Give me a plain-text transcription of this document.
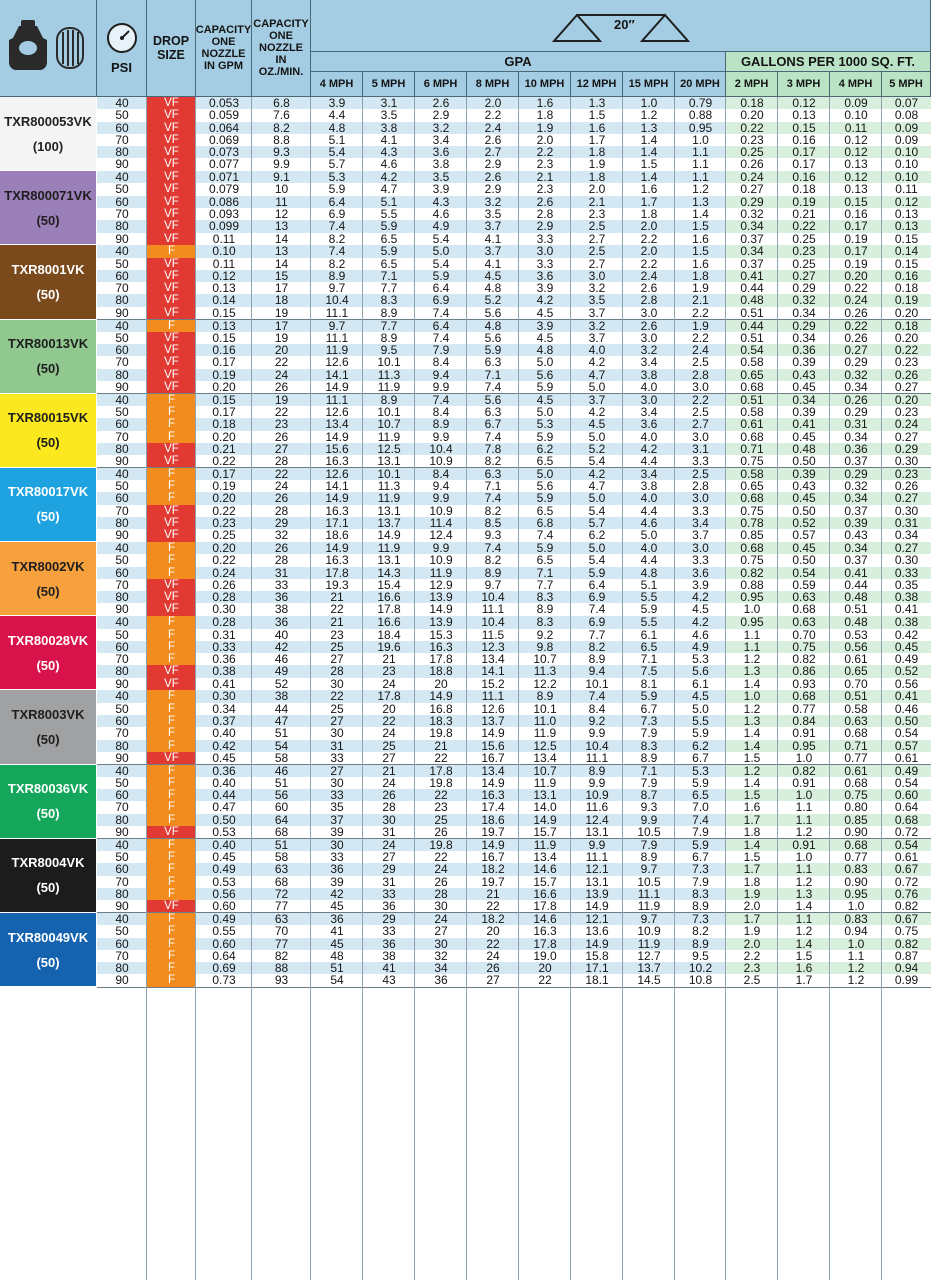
PSI
DROP
SIZE
CAPACITY
ONE
NOZZLE
IN GPM
CAPACITY
ONE
NOZZLE
IN
OZ./MIN.
20″
GPA	GALLONS PER 1000 SQ. FT.
4 MPH	5 MPH	6 MPH	8 MPH	10 MPH	12 MPH	15 MPH	20 MPH	2 MPH	3 MPH	4 MPH	5 MPH
TXR800053VK
(100)
40	VF	0.053	6.8	3.9	3.1	2.6	2.0	1.6	1.3	1.0	0.79	0.18	0.12	0.09	0.07
50	VF	0.059	7.6	4.4	3.5	2.9	2.2	1.8	1.5	1.2	0.88	0.20	0.13	0.10	0.08
60	VF	0.064	8.2	4.8	3.8	3.2	2.4	1.9	1.6	1.3	0.95	0.22	0.15	0.11	0.09
70	VF	0.069	8.8	5.1	4.1	3.4	2.6	2.0	1.7	1.4	1.0	0.23	0.16	0.12	0.09
80	VF	0.073	9.3	5.4	4.3	3.6	2.7	2.2	1.8	1.4	1.1	0.25	0.17	0.12	0.10
90	VF	0.077	9.9	5.7	4.6	3.8	2.9	2.3	1.9	1.5	1.1	0.26	0.17	0.13	0.10
TXR800071VK
(50)
40	VF	0.071	9.1	5.3	4.2	3.5	2.6	2.1	1.8	1.4	1.1	0.24	0.16	0.12	0.10
50	VF	0.079	10	5.9	4.7	3.9	2.9	2.3	2.0	1.6	1.2	0.27	0.18	0.13	0.11
60	VF	0.086	11	6.4	5.1	4.3	3.2	2.6	2.1	1.7	1.3	0.29	0.19	0.15	0.12
70	VF	0.093	12	6.9	5.5	4.6	3.5	2.8	2.3	1.8	1.4	0.32	0.21	0.16	0.13
80	VF	0.099	13	7.4	5.9	4.9	3.7	2.9	2.5	2.0	1.5	0.34	0.22	0.17	0.13
90	VF	0.11	14	8.2	6.5	5.4	4.1	3.3	2.7	2.2	1.6	0.37	0.25	0.19	0.15
TXR8001VK
(50)
40	F	0.10	13	7.4	5.9	5.0	3.7	3.0	2.5	2.0	1.5	0.34	0.23	0.17	0.14
50	VF	0.11	14	8.2	6.5	5.4	4.1	3.3	2.7	2.2	1.6	0.37	0.25	0.19	0.15
60	VF	0.12	15	8.9	7.1	5.9	4.5	3.6	3.0	2.4	1.8	0.41	0.27	0.20	0.16
70	VF	0.13	17	9.7	7.7	6.4	4.8	3.9	3.2	2.6	1.9	0.44	0.29	0.22	0.18
80	VF	0.14	18	10.4	8.3	6.9	5.2	4.2	3.5	2.8	2.1	0.48	0.32	0.24	0.19
90	VF	0.15	19	11.1	8.9	7.4	5.6	4.5	3.7	3.0	2.2	0.51	0.34	0.26	0.20
TXR80013VK
(50)
40	F	0.13	17	9.7	7.7	6.4	4.8	3.9	3.2	2.6	1.9	0.44	0.29	0.22	0.18
50	VF	0.15	19	11.1	8.9	7.4	5.6	4.5	3.7	3.0	2.2	0.51	0.34	0.26	0.20
60	VF	0.16	20	11.9	9.5	7.9	5.9	4.8	4.0	3.2	2.4	0.54	0.36	0.27	0.22
70	VF	0.17	22	12.6	10.1	8.4	6.3	5.0	4.2	3.4	2.5	0.58	0.39	0.29	0.23
80	VF	0.19	24	14.1	11.3	9.4	7.1	5.6	4.7	3.8	2.8	0.65	0.43	0.32	0.26
90	VF	0.20	26	14.9	11.9	9.9	7.4	5.9	5.0	4.0	3.0	0.68	0.45	0.34	0.27
TXR80015VK
(50)
40	F	0.15	19	11.1	8.9	7.4	5.6	4.5	3.7	3.0	2.2	0.51	0.34	0.26	0.20
50	F	0.17	22	12.6	10.1	8.4	6.3	5.0	4.2	3.4	2.5	0.58	0.39	0.29	0.23
60	F	0.18	23	13.4	10.7	8.9	6.7	5.3	4.5	3.6	2.7	0.61	0.41	0.31	0.24
70	F	0.20	26	14.9	11.9	9.9	7.4	5.9	5.0	4.0	3.0	0.68	0.45	0.34	0.27
80	VF	0.21	27	15.6	12.5	10.4	7.8	6.2	5.2	4.2	3.1	0.71	0.48	0.36	0.29
90	VF	0.22	28	16.3	13.1	10.9	8.2	6.5	5.4	4.4	3.3	0.75	0.50	0.37	0.30
TXR80017VK
(50)
40	F	0.17	22	12.6	10.1	8.4	6.3	5.0	4.2	3.4	2.5	0.58	0.39	0.29	0.23
50	F	0.19	24	14.1	11.3	9.4	7.1	5.6	4.7	3.8	2.8	0.65	0.43	0.32	0.26
60	F	0.20	26	14.9	11.9	9.9	7.4	5.9	5.0	4.0	3.0	0.68	0.45	0.34	0.27
70	VF	0.22	28	16.3	13.1	10.9	8.2	6.5	5.4	4.4	3.3	0.75	0.50	0.37	0.30
80	VF	0.23	29	17.1	13.7	11.4	8.5	6.8	5.7	4.6	3.4	0.78	0.52	0.39	0.31
90	VF	0.25	32	18.6	14.9	12.4	9.3	7.4	6.2	5.0	3.7	0.85	0.57	0.43	0.34
TXR8002VK
(50)
40	F	0.20	26	14.9	11.9	9.9	7.4	5.9	5.0	4.0	3.0	0.68	0.45	0.34	0.27
50	F	0.22	28	16.3	13.1	10.9	8.2	6.5	5.4	4.4	3.3	0.75	0.50	0.37	0.30
60	F	0.24	31	17.8	14.3	11.9	8.9	7.1	5.9	4.8	3.6	0.82	0.54	0.41	0.33
70	VF	0.26	33	19.3	15.4	12.9	9.7	7.7	6.4	5.1	3.9	0.88	0.59	0.44	0.35
80	VF	0.28	36	21	16.6	13.9	10.4	8.3	6.9	5.5	4.2	0.95	0.63	0.48	0.38
90	VF	0.30	38	22	17.8	14.9	11.1	8.9	7.4	5.9	4.5	1.0	0.68	0.51	0.41
TXR80028VK
(50)
40	F	0.28	36	21	16.6	13.9	10.4	8.3	6.9	5.5	4.2	0.95	0.63	0.48	0.38
50	F	0.31	40	23	18.4	15.3	11.5	9.2	7.7	6.1	4.6	1.1	0.70	0.53	0.42
60	F	0.33	42	25	19.6	16.3	12.3	9.8	8.2	6.5	4.9	1.1	0.75	0.56	0.45
70	F	0.36	46	27	21	17.8	13.4	10.7	8.9	7.1	5.3	1.2	0.82	0.61	0.49
80	VF	0.38	49	28	23	18.8	14.1	11.3	9.4	7.5	5.6	1.3	0.86	0.65	0.52
90	VF	0.41	52	30	24	20	15.2	12.2	10.1	8.1	6.1	1.4	0.93	0.70	0.56
TXR8003VK
(50)
40	F	0.30	38	22	17.8	14.9	11.1	8.9	7.4	5.9	4.5	1.0	0.68	0.51	0.41
50	F	0.34	44	25	20	16.8	12.6	10.1	8.4	6.7	5.0	1.2	0.77	0.58	0.46
60	F	0.37	47	27	22	18.3	13.7	11.0	9.2	7.3	5.5	1.3	0.84	0.63	0.50
70	F	0.40	51	30	24	19.8	14.9	11.9	9.9	7.9	5.9	1.4	0.91	0.68	0.54
80	F	0.42	54	31	25	21	15.6	12.5	10.4	8.3	6.2	1.4	0.95	0.71	0.57
90	VF	0.45	58	33	27	22	16.7	13.4	11.1	8.9	6.7	1.5	1.0	0.77	0.61
TXR80036VK
(50)
40	F	0.36	46	27	21	17.8	13.4	10.7	8.9	7.1	5.3	1.2	0.82	0.61	0.49
50	F	0.40	51	30	24	19.8	14.9	11.9	9.9	7.9	5.9	1.4	0.91	0.68	0.54
60	F	0.44	56	33	26	22	16.3	13.1	10.9	8.7	6.5	1.5	1.0	0.75	0.60
70	F	0.47	60	35	28	23	17.4	14.0	11.6	9.3	7.0	1.6	1.1	0.80	0.64
80	F	0.50	64	37	30	25	18.6	14.9	12.4	9.9	7.4	1.7	1.1	0.85	0.68
90	VF	0.53	68	39	31	26	19.7	15.7	13.1	10.5	7.9	1.8	1.2	0.90	0.72
TXR8004VK
(50)
40	F	0.40	51	30	24	19.8	14.9	11.9	9.9	7.9	5.9	1.4	0.91	0.68	0.54
50	F	0.45	58	33	27	22	16.7	13.4	11.1	8.9	6.7	1.5	1.0	0.77	0.61
60	F	0.49	63	36	29	24	18.2	14.6	12.1	9.7	7.3	1.7	1.1	0.83	0.67
70	F	0.53	68	39	31	26	19.7	15.7	13.1	10.5	7.9	1.8	1.2	0.90	0.72
80	F	0.56	72	42	33	28	21	16.6	13.9	11.1	8.3	1.9	1.3	0.95	0.76
90	VF	0.60	77	45	36	30	22	17.8	14.9	11.9	8.9	2.0	1.4	1.0	0.82
TXR80049VK
(50)
40	F	0.49	63	36	29	24	18.2	14.6	12.1	9.7	7.3	1.7	1.1	0.83	0.67
50	F	0.55	70	41	33	27	20	16.3	13.6	10.9	8.2	1.9	1.2	0.94	0.75
60	F	0.60	77	45	36	30	22	17.8	14.9	11.9	8.9	2.0	1.4	1.0	0.82
70	F	0.64	82	48	38	32	24	19.0	15.8	12.7	9.5	2.2	1.5	1.1	0.87
80	F	0.69	88	51	41	34	26	20	17.1	13.7	10.2	2.3	1.6	1.2	0.94
90	F	0.73	93	54	43	36	27	22	18.1	14.5	10.8	2.5	1.7	1.2	0.99
